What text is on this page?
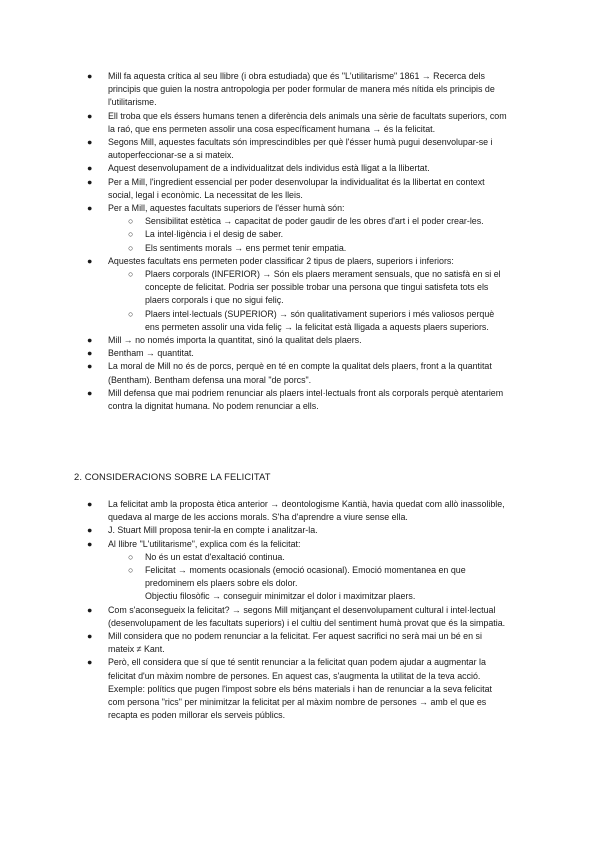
● Mill fa aquesta crítica al seu llibre (i obra estudiada) que és "L'utilitarisme" 1861 → Recerca dels principis que guien la nostra antropologia per poder formular de manera més nítida els principis de l'utilitarisme.
● Ell troba que els éssers humans tenen a diferència dels animals una sèrie de facultats superiors, com la raó, que ens permeten assolir una cosa específicament humana → és la felicitat.
● Segons Mill, aquestes facultats són imprescindibles per què l'ésser humà pugui desenvolupar-se i autoperfeccionar-se a si mateix.
● Aquest desenvolupament de a individualitzat dels individus està lligat a la llibertat.
● Per a Mill, l'ingredient essencial per poder desenvolupar la individualitat és la llibertat en context social, legal i econòmic. La necessitat de les lleis.
● Per a Mill, aquestes facultats superiors de l'ésser humà són:
○ Sensibilitat estètica → capacitat de poder gaudir de les obres d'art i el poder crear-les.
○ La intel·ligència i el desig de saber.
○ Els sentiments morals → ens permet tenir empatia.
● Aquestes facultats ens permeten poder classificar 2 tipus de plaers, superiors i inferiors:
○ Plaers corporals (INFERIOR) → Són els plaers merament sensuals, que no satisfà en si el concepte de felicitat. Podria ser possible trobar una persona que tingui satisfeta tots els plaers corporals i que no sigui feliç.
○ Plaers intel·lectuals (SUPERIOR) → són qualitativament superiors i més valiosos perquè ens permeten assolir una vida feliç → la felicitat està lligada a aquests plaers superiors.
● Mill → no només importa la quantitat, sinó la qualitat dels plaers.
● Bentham → quantitat.
● La moral de Mill no és de porcs, perquè en té en compte la qualitat dels plaers, front a la quantitat (Bentham). Bentham defensa una moral "de porcs".
● Mill defensa que mai podriem renunciar als plaers intel·lectuals front als corporals perquè atentariem contra la dignitat humana. No podem renunciar a ells.
2. CONSIDERACIONS SOBRE LA FELICITAT
● La felicitat amb la proposta ètica anterior → deontologisme Kantià, havia quedat com allò inassolible, quedava al marge de les accions morals. S'ha d'aprendre a viure sense ella.
● J. Stuart Mill proposa tenir-la en compte i analitzar-la.
● Al llibre "L'utilitarisme", explica com és la felicitat:
○ No és un estat d'exaltació continua.
○ Felicitat → moments ocasionals (emoció ocasional). Emoció momentanea en que predominem els plaers sobre els dolor.
Objectiu filosòfic → conseguir minimitzar el dolor i maximitzar plaers.
● Com s'aconsegueix la felicitat? → segons Mill mitjançant el desenvolupament cultural i intel·lectual (desenvolupament de les facultats superiors) i el cultiu del sentiment humà provat que és la simpatia.
● Mill considera que no podem renunciar a la felicitat. Fer aquest sacrifici no serà mai un bé en si mateix ≠ Kant.
● Però, ell considera que sí que té sentit renunciar a la felicitat quan podem ajudar a augmentar la felicitat d'un màxim nombre de persones. En aquest cas, s'augmenta la utilitat de la teva acció.
Exemple: polítics que pugen l'impost sobre els béns materials i han de renunciar a la seva felicitat com persona "rics" per minimitzar la felicitat per al màxim nombre de persones → amb el que es recapta es poden millorar els serveis públics.
